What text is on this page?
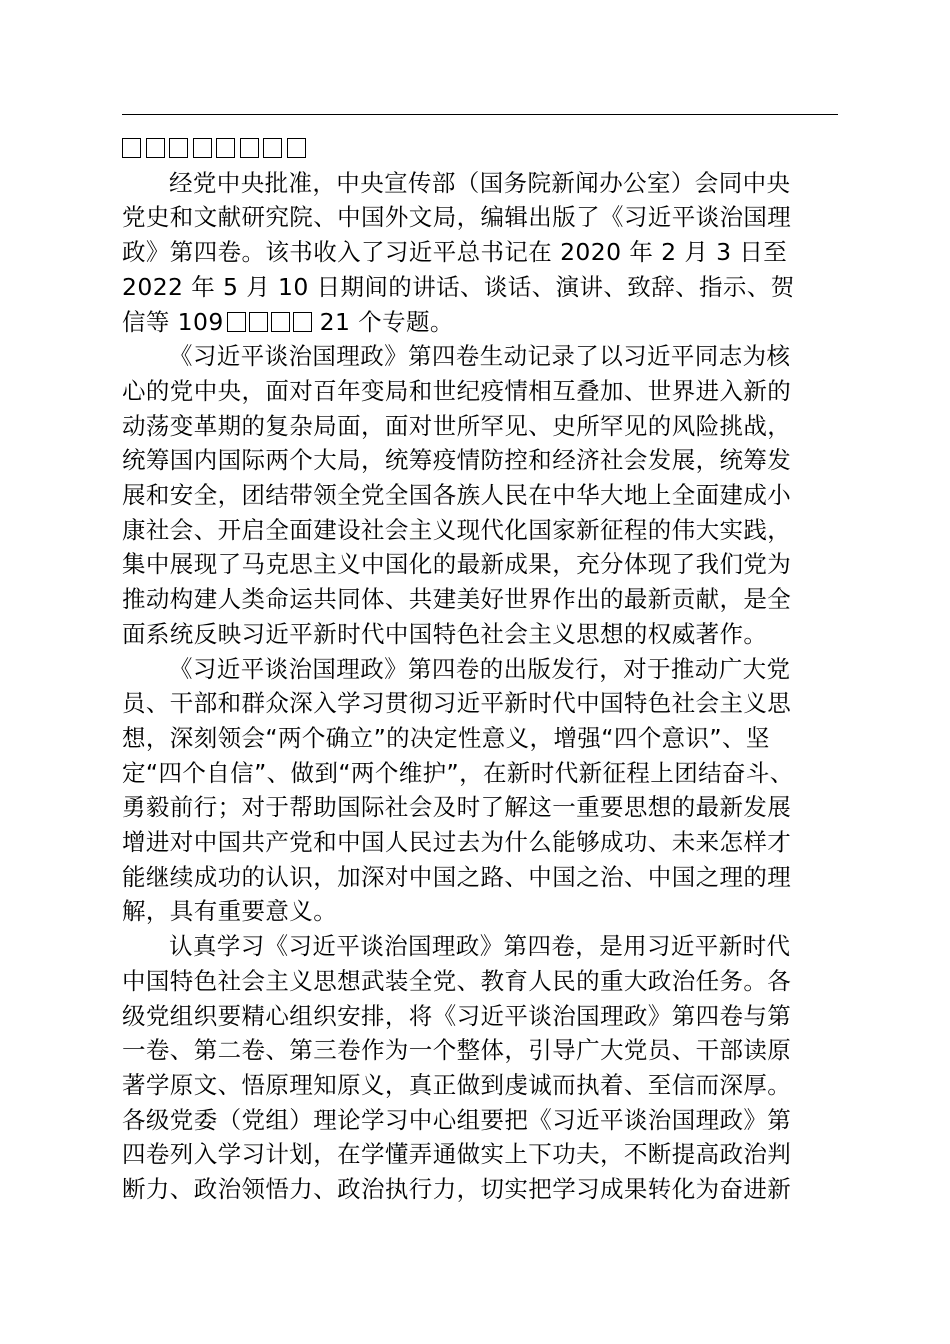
经党中央批准，中央宣传部（国务院新闻办公室）会同中央
党史和文献研究院、中国外文局，编辑出版了《习近平谈治国理
政》第四卷。该书收入了习近平总书记在 2020 年 2 月 3 日至
2022 年 5 月 10 日期间的讲话、谈话、演讲、致辞、指示、贺
信等 109	21 个专题。

《习近平谈治国理政》第四卷生动记录了以习近平同志为核
心的党中央，面对百年变局和世纪疫情相互叠加、世界进入新的
动荡变革期的复杂局面，面对世所罕见、史所罕见的风险挑战，
统筹国内国际两个大局，统筹疫情防控和经济社会发展，统筹发
展和安全，团结带领全党全国各族人民在中华大地上全面建成小
康社会、开启全面建设社会主义现代化国家新征程的伟大实践，
集中展现了马克思主义中国化的最新成果，充分体现了我们党为
推动构建人类命运共同体、共建美好世界作出的最新贡献，是全
面系统反映习近平新时代中国特色社会主义思想的权威著作。

《习近平谈治国理政》第四卷的出版发行，对于推动广大党
员、干部和群众深入学习贯彻习近平新时代中国特色社会主义思
想，深刻领会“两个确立”的决定性意义，增强“四个意识”、坚
定“四个自信”、做到“两个维护”，在新时代新征程上团结奋斗、
勇毅前行；对于帮助国际社会及时了解这一重要思想的最新发展
增进对中国共产党和中国人民过去为什么能够成功、未来怎样才
能继续成功的认识，加深对中国之路、中国之治、中国之理的理
解，具有重要意义。

认真学习《习近平谈治国理政》第四卷，是用习近平新时代
中国特色社会主义思想武装全党、教育人民的重大政治任务。各
级党组织要精心组织安排，将《习近平谈治国理政》第四卷与第
一卷、第二卷、第三卷作为一个整体，引导广大党员、干部读原
著学原文、悟原理知原义，真正做到虔诚而执着、至信而深厚。
各级党委（党组）理论学习中心组要把《习近平谈治国理政》第
四卷列入学习计划，在学懂弄通做实上下功夫，不断提高政治判
断力、政治领悟力、政治执行力，切实把学习成果转化为奋进新
